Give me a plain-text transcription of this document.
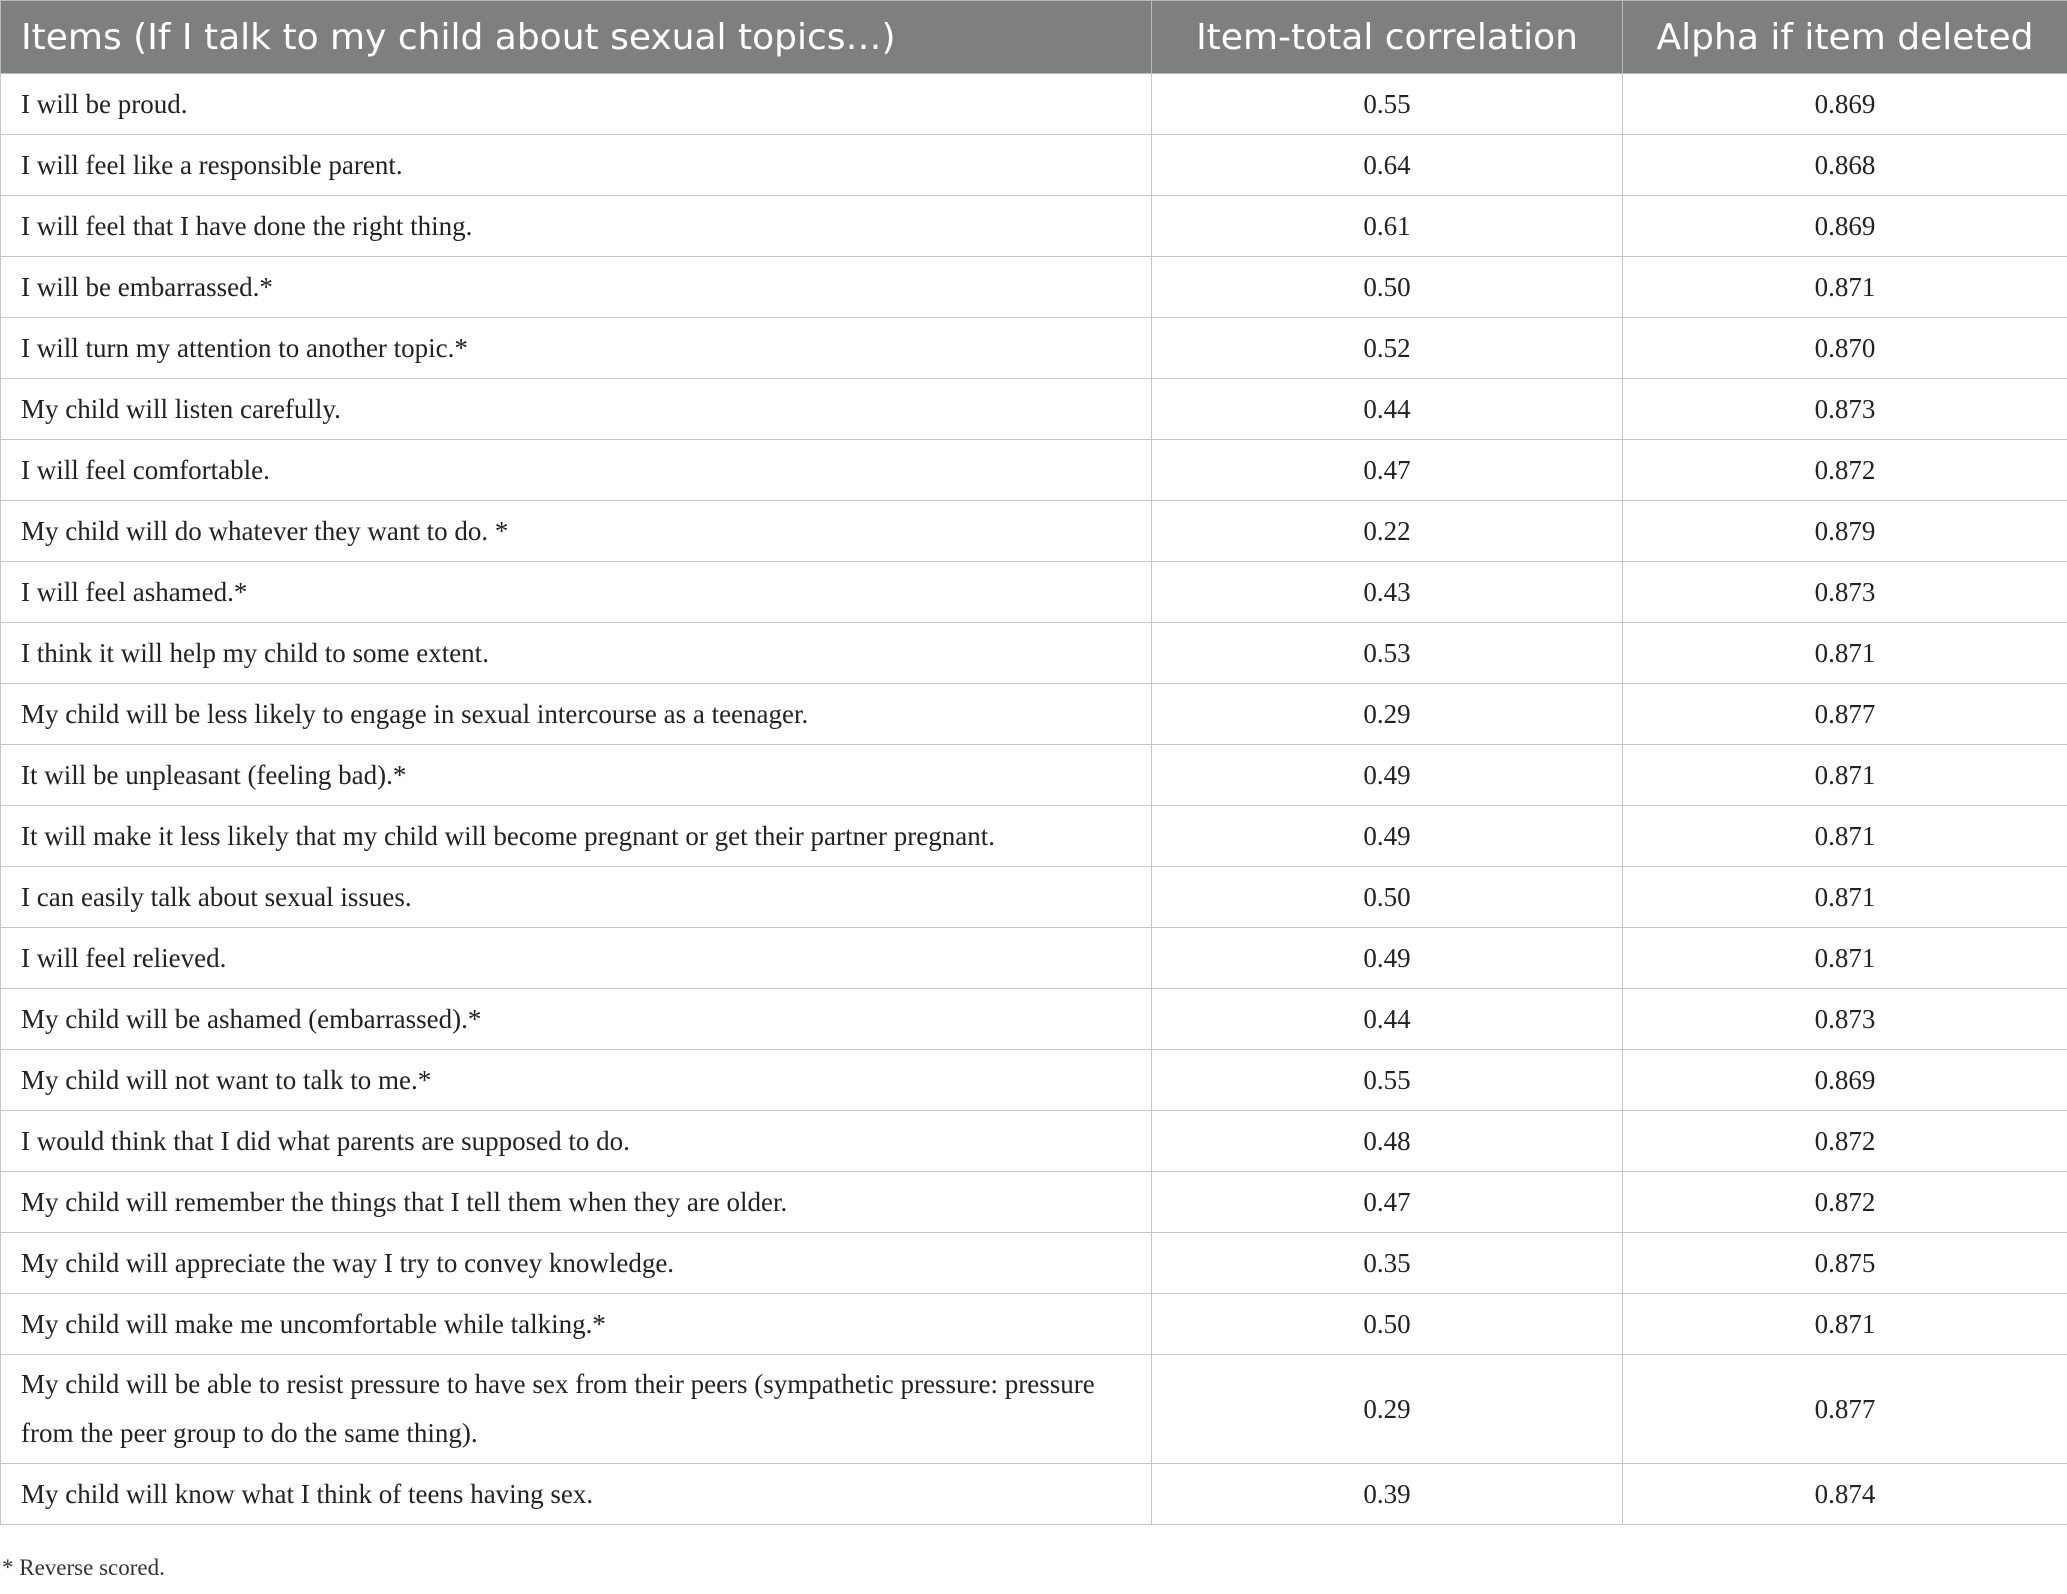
Items (If I talk to my child about sexual topics…)	Item-total correlation	Alpha if item deleted
I will be proud.	0.55	0.869
I will feel like a responsible parent.	0.64	0.868
I will feel that I have done the right thing.	0.61	0.869
I will be embarrassed.*	0.50	0.871
I will turn my attention to another topic.*	0.52	0.870
My child will listen carefully.	0.44	0.873
I will feel comfortable.	0.47	0.872
My child will do whatever they want to do. *	0.22	0.879
I will feel ashamed.*	0.43	0.873
I think it will help my child to some extent.	0.53	0.871
My child will be less likely to engage in sexual intercourse as a teenager.	0.29	0.877
It will be unpleasant (feeling bad).*	0.49	0.871
It will make it less likely that my child will become pregnant or get their partner pregnant.	0.49	0.871
I can easily talk about sexual issues.	0.50	0.871
I will feel relieved.	0.49	0.871
My child will be ashamed (embarrassed).*	0.44	0.873
My child will not want to talk to me.*	0.55	0.869
I would think that I did what parents are supposed to do.	0.48	0.872
My child will remember the things that I tell them when they are older.	0.47	0.872
My child will appreciate the way I try to convey knowledge.	0.35	0.875
My child will make me uncomfortable while talking.*	0.50	0.871
My child will be able to resist pressure to have sex from their peers (sympathetic pressure: pressure from the peer group to do the same thing).	0.29	0.877
My child will know what I think of teens having sex.	0.39	0.874
* Reverse scored.
